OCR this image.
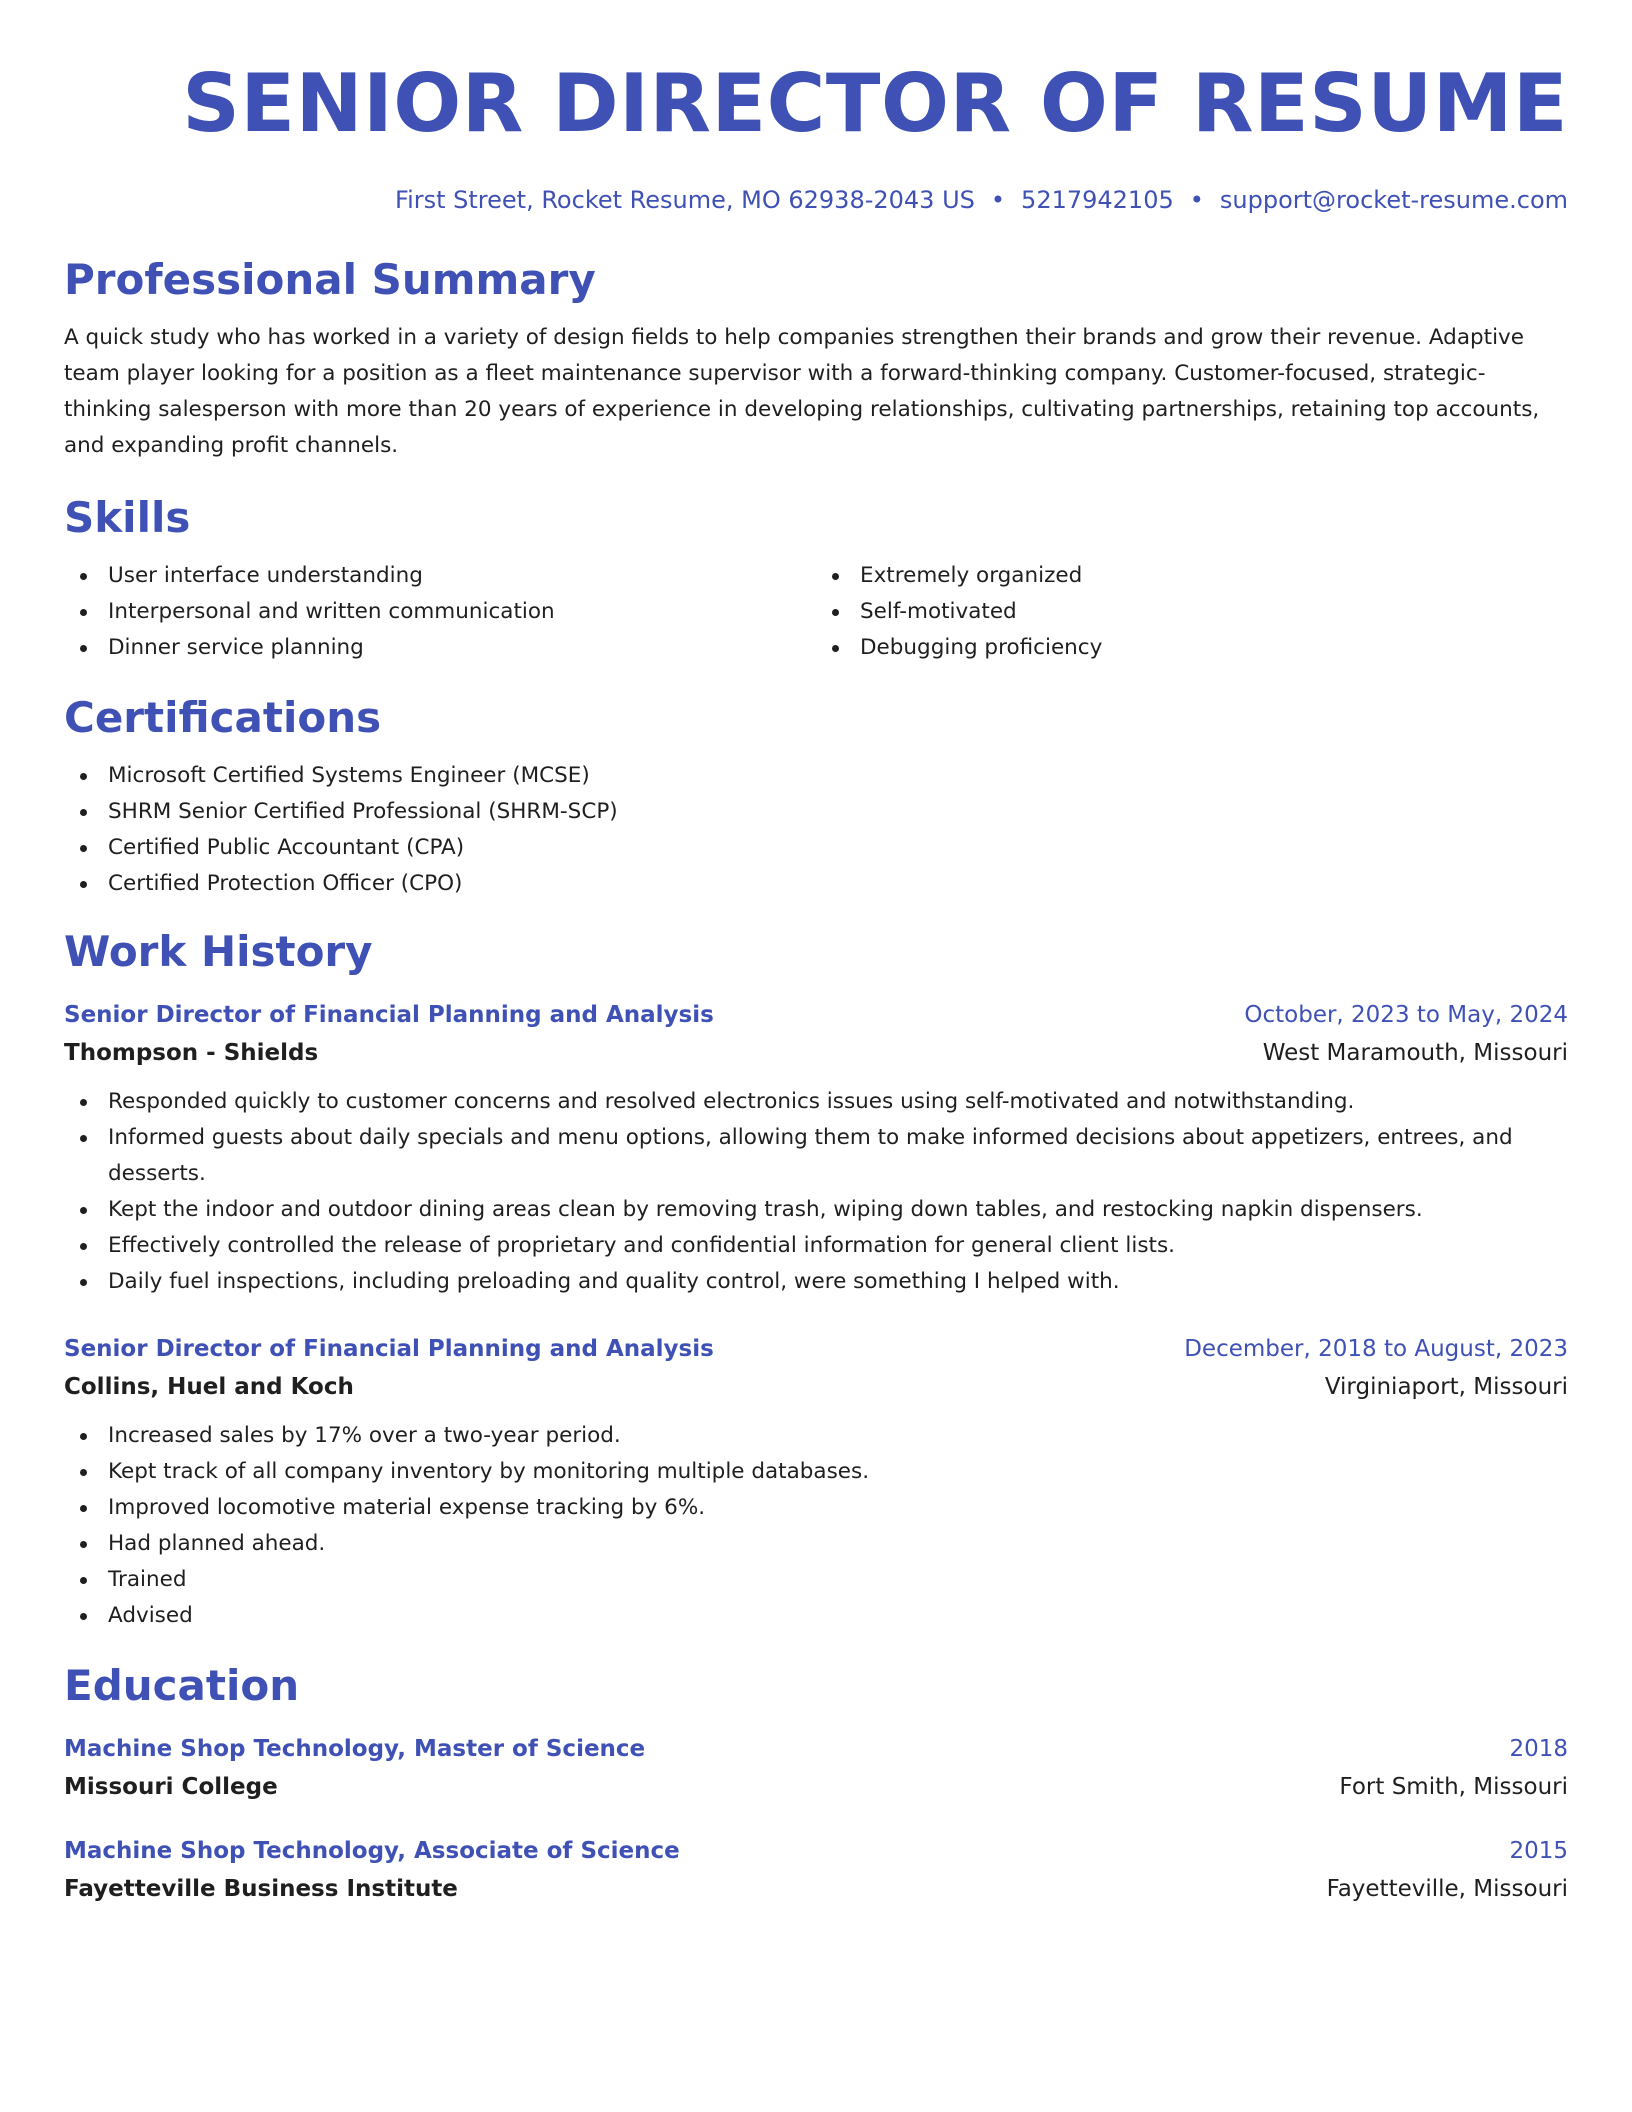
SENIOR DIRECTOR OF RESUME
First Street, Rocket Resume, MO 62938-2043 US • 5217942105 • support@rocket-resume.com
Professional Summary

A quick study who has worked in a variety of design fields to help companies strengthen their brands and grow their revenue. Adaptive team player looking for a position as a fleet maintenance supervisor with a forward-thinking company. Customer-focused, strategic-thinking salesperson with more than 20 years of experience in developing relationships, cultivating partnerships, retaining top accounts, and expanding profit channels.

Skills
User interface understanding
Interpersonal and written communication
Dinner service planning
Extremely organized
Self-motivated
Debugging proficiency
Certifications
Microsoft Certified Systems Engineer (MCSE)
SHRM Senior Certified Professional (SHRM-SCP)
Certified Public Accountant (CPA)
Certified Protection Officer (CPO)
Work History
Senior Director of Financial Planning and Analysis	October, 2023 to May, 2024
Thompson - Shields	West Maramouth, Missouri
Responded quickly to customer concerns and resolved electronics issues using self-motivated and notwithstanding.
Informed guests about daily specials and menu options, allowing them to make informed decisions about appetizers, entrees, and desserts.
Kept the indoor and outdoor dining areas clean by removing trash, wiping down tables, and restocking napkin dispensers.
Effectively controlled the release of proprietary and confidential information for general client lists.
Daily fuel inspections, including preloading and quality control, were something I helped with.
Senior Director of Financial Planning and Analysis	December, 2018 to August, 2023
Collins, Huel and Koch	Virginiaport, Missouri
Increased sales by 17% over a two-year period.
Kept track of all company inventory by monitoring multiple databases.
Improved locomotive material expense tracking by 6%.
Had planned ahead.
Trained
Advised
Education
Machine Shop Technology, Master of Science	2018
Missouri College	Fort Smith, Missouri
Machine Shop Technology, Associate of Science	2015
Fayetteville Business Institute	Fayetteville, Missouri
